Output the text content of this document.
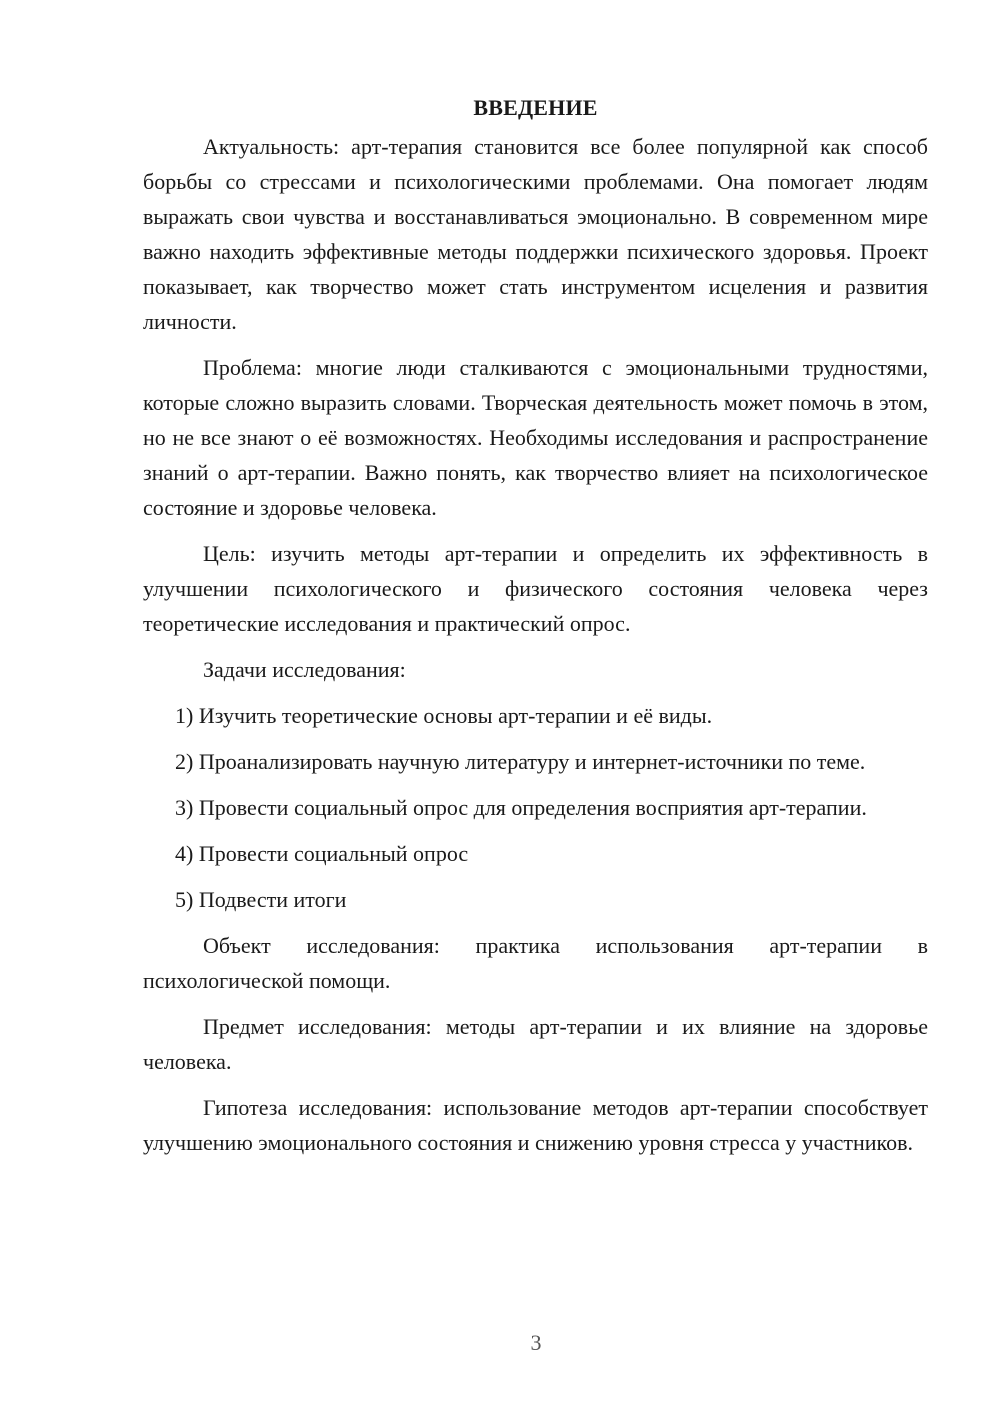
ВВЕДЕНИЕ

Актуальность: арт-терапия становится все более популярной как способ борьбы со стрессами и психологическими проблемами. Она помогает людям выражать свои чувства и восстанавливаться эмоционально. В современном мире важно находить эффективные методы поддержки психического здоровья. Проект показывает, как творчество может стать инструментом исцеления и развития личности.

Проблема: многие люди сталкиваются с эмоциональными трудностями, которые сложно выразить словами. Творческая деятельность может помочь в этом, но не все знают о её возможностях. Необходимы исследования и распространение знаний о арт-терапии. Важно понять, как творчество влияет на психологическое состояние и здоровье человека.

Цель: изучить методы арт-терапии и определить их эффективность в улучшении психологического и физического состояния человека через теоретические исследования и практический опрос.

Задачи исследования:

1) Изучить теоретические основы арт-терапии и её виды.

2) Проанализировать научную литературу и интернет-источники по теме.

3) Провести социальный опрос для определения восприятия арт-терапии.

4) Провести социальный опрос

5) Подвести итоги

Объект исследования: практика использования арт-терапии в психологической помощи.

Предмет исследования: методы арт-терапии и их влияние на здоровье человека.

Гипотеза исследования: использование методов арт-терапии способствует улучшению эмоционального состояния и снижению уровня стресса у участников.

3
